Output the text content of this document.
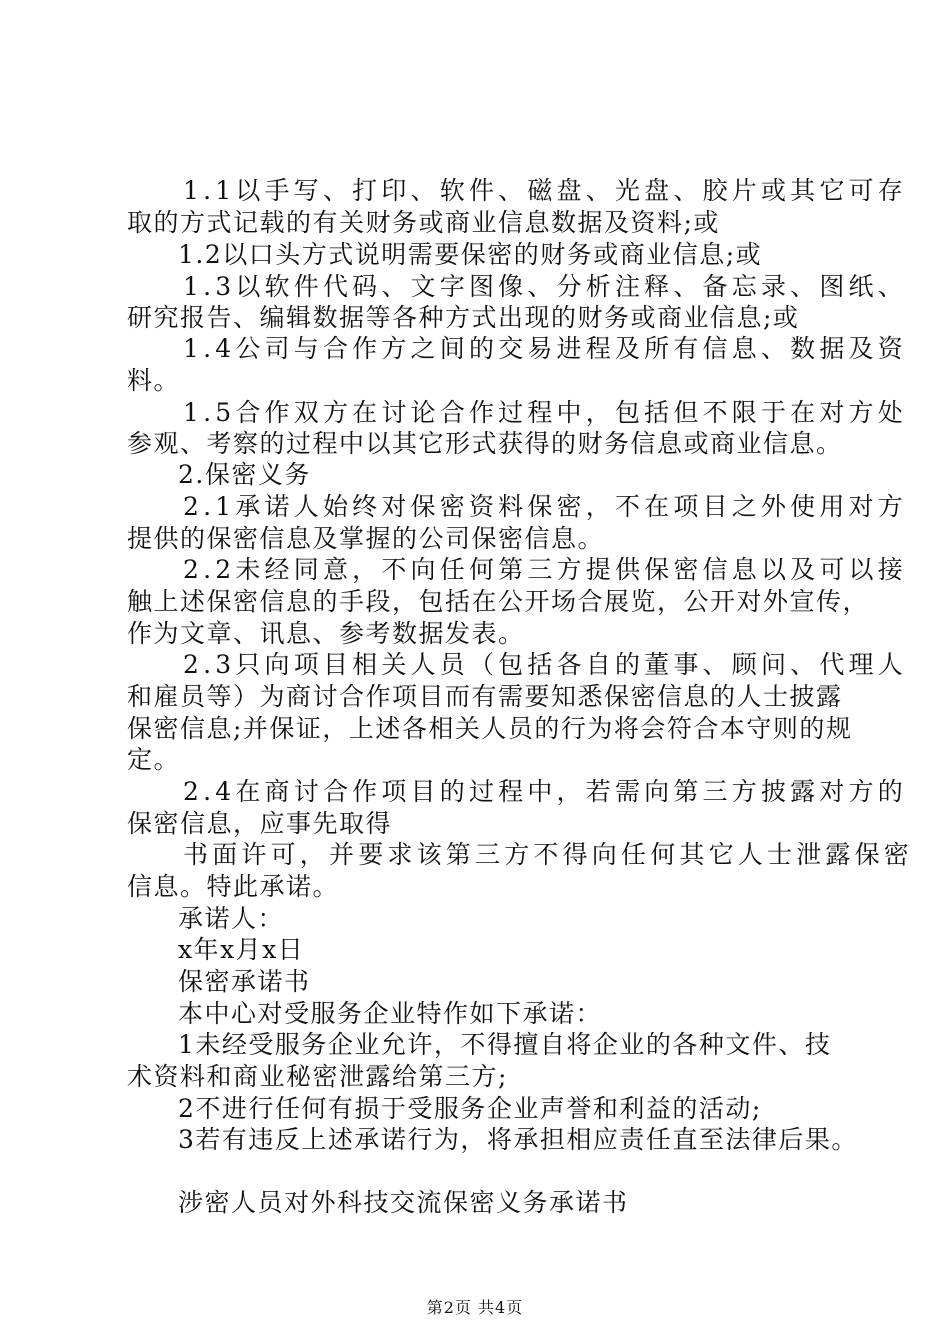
1.1以手写、打印、软件、磁盘、光盘、胶片或其它可存
取的方式记载的有关财务或商业信息数据及资料;或
1.2以口头方式说明需要保密的财务或商业信息;或
1.3以软件代码、文字图像、分析注释、备忘录、图纸、
研究报告、编辑数据等各种方式出现的财务或商业信息;或
1.4公司与合作方之间的交易进程及所有信息、数据及资
料。
1.5合作双方在讨论合作过程中，包括但不限于在对方处
参观、考察的过程中以其它形式获得的财务信息或商业信息。
2.保密义务
2.1承诺人始终对保密资料保密，不在项目之外使用对方
提供的保密信息及掌握的公司保密信息。
2.2未经同意，不向任何第三方提供保密信息以及可以接
触上述保密信息的手段，包括在公开场合展览，公开对外宣传，
作为文章、讯息、参考数据发表。
2.3只向项目相关人员（包括各自的董事、顾问、代理人
和雇员等）为商讨合作项目而有需要知悉保密信息的人士披露
保密信息;并保证，上述各相关人员的行为将会符合本守则的规
定。
2.4在商讨合作项目的过程中，若需向第三方披露对方的
保密信息，应事先取得
书面许可，并要求该第三方不得向任何其它人士泄露保密
信息。特此承诺。
承诺人：
x年x月x日
保密承诺书
本中心对受服务企业特作如下承诺：
1未经受服务企业允许，不得擅自将企业的各种文件、技
术资料和商业秘密泄露给第三方;
2不进行任何有损于受服务企业声誉和利益的活动;
3若有违反上述承诺行为，将承担相应责任直至法律后果。
涉密人员对外科技交流保密义务承诺书
第2页 共4页
